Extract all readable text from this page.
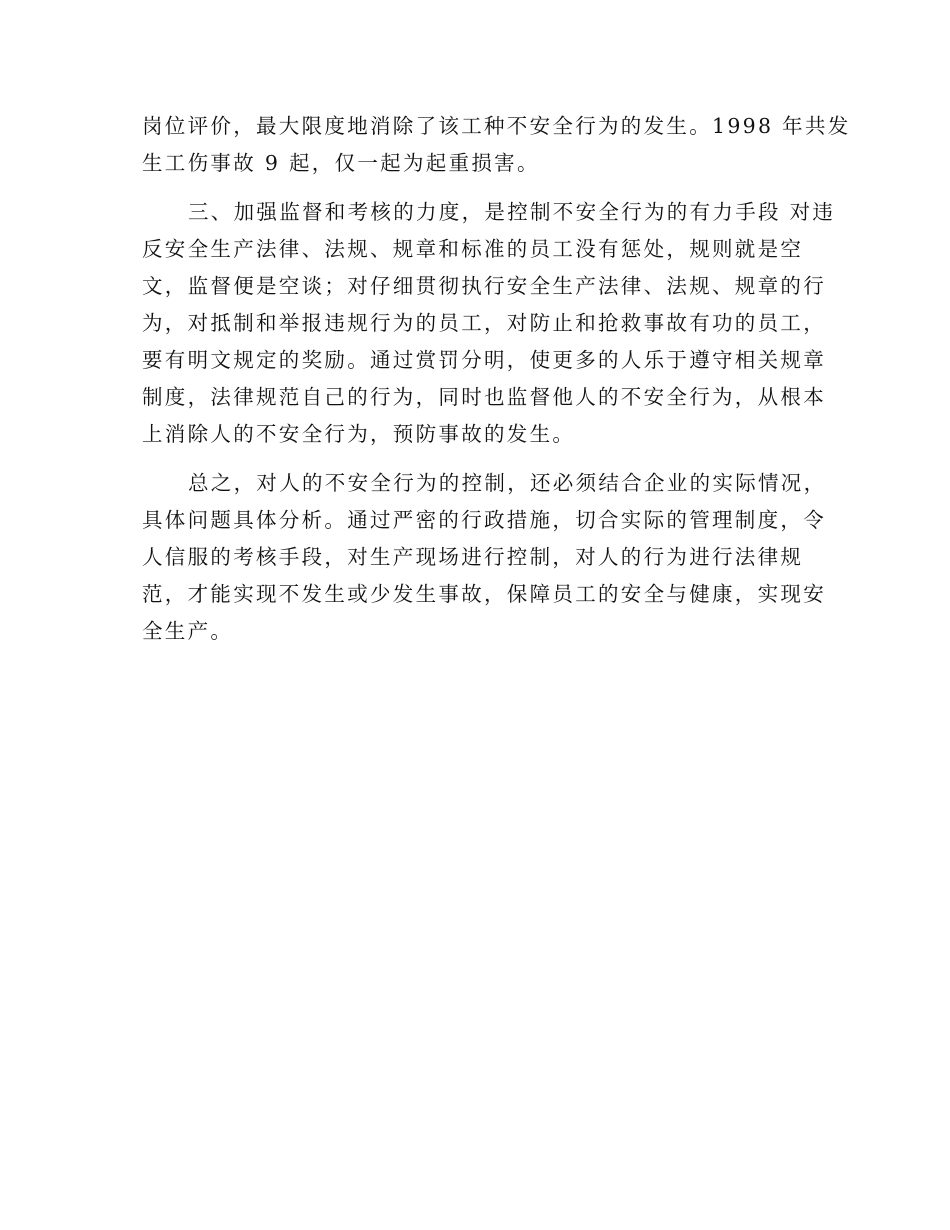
岗位评价，最大限度地消除了该工种不安全行为的发生。1998 年共发
生工伤事故 9 起，仅一起为起重损害。

三、加强监督和考核的力度，是控制不安全行为的有力手段 对违
反安全生产法律、法规、规章和标准的员工没有惩处，规则就是空
文，监督便是空谈；对仔细贯彻执行安全生产法律、法规、规章的行
为，对抵制和举报违规行为的员工，对防止和抢救事故有功的员工，
要有明文规定的奖励。通过赏罚分明，使更多的人乐于遵守相关规章
制度，法律规范自己的行为，同时也监督他人的不安全行为，从根本
上消除人的不安全行为，预防事故的发生。

总之，对人的不安全行为的控制，还必须结合企业的实际情况，
具体问题具体分析。通过严密的行政措施，切合实际的管理制度，令
人信服的考核手段，对生产现场进行控制，对人的行为进行法律规
范，才能实现不发生或少发生事故，保障员工的安全与健康，实现安
全生产。
